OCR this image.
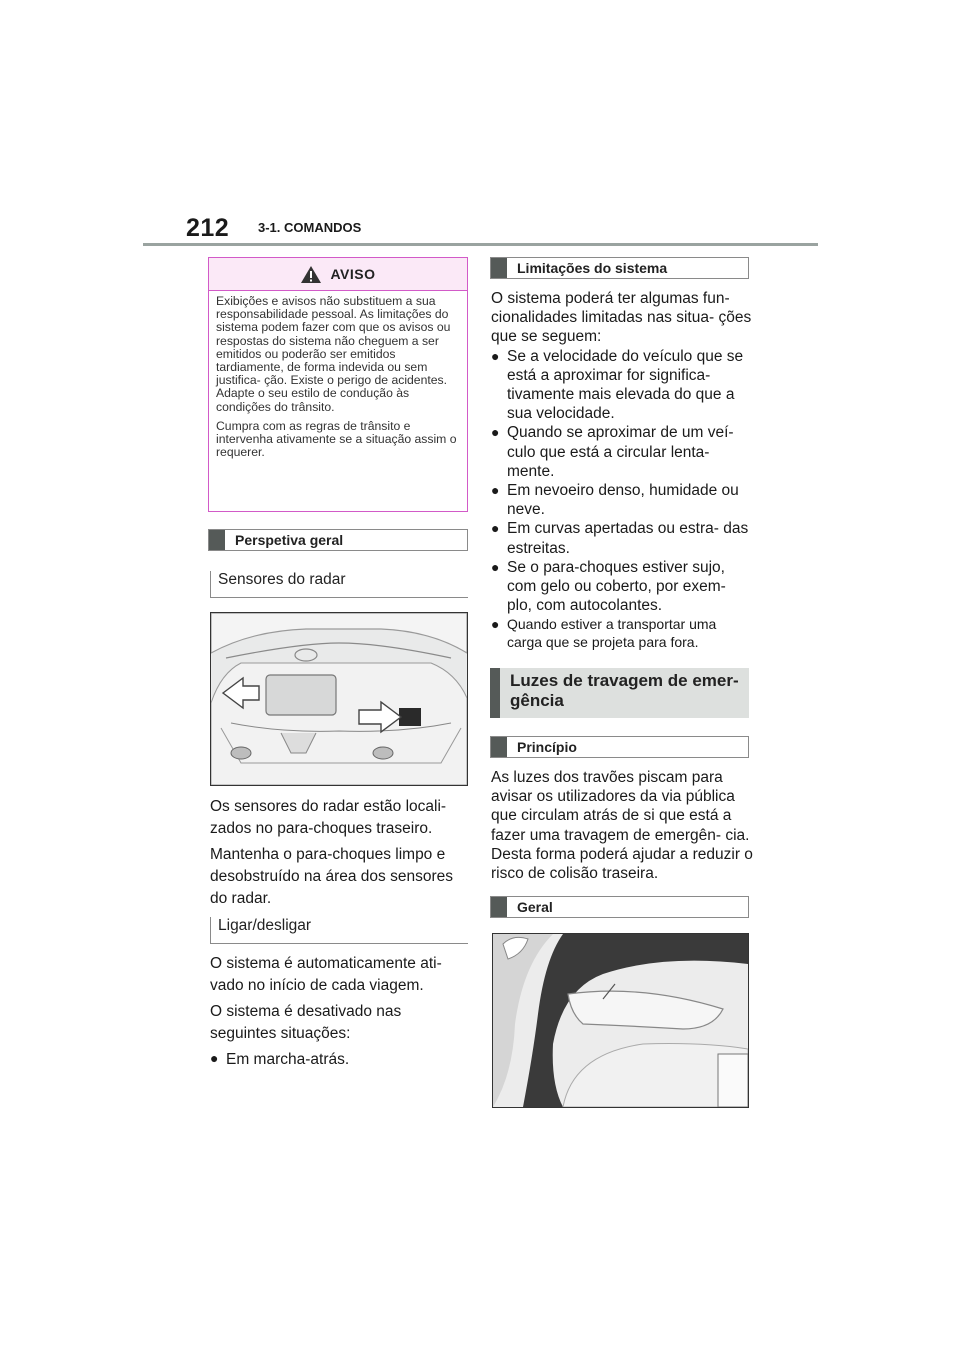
212 3-1. COMANDOS
AVISO

Exibições e avisos não substituem a sua responsabilidade pessoal. As limitações do sistema podem fazer com que os avisos ou respostas do sistema não cheguem a ser emitidos ou poderão ser emitidos tardiamente, de forma indevida ou sem justifica- ção. Existe o perigo de acidentes. Adapte o seu estilo de condução às condições do trânsito.

Cumpra com as regras de trânsito e intervenha ativamente se a situação assim o requerer.

Perspetiva geral
Sensores do radar

Os sensores do radar estão locali- zados no para-choques traseiro.

Mantenha o para-choques limpo e desobstruído na área dos sensores do radar.

Ligar/desligar

O sistema é automaticamente ati- vado no início de cada viagem.

O sistema é desativado nas seguintes situações:

● Em marcha-atrás.
Limitações do sistema

O sistema poderá ter algumas fun- cionalidades limitadas nas situa- ções que se seguem:

● Se a velocidade do veículo que se está a aproximar for significa- tivamente mais elevada do que a sua velocidade.
● Quando se aproximar de um veí- culo que está a circular lenta- mente.
● Em nevoeiro denso, humidade ou neve.
● Em curvas apertadas ou estra- das estreitas.
● Se o para-choques estiver sujo, com gelo ou coberto, por exem- plo, com autocolantes.
● Quando estiver a transportar uma carga que se projeta para fora.
Luzes de travagem de emer- gência
Princípio

As luzes dos travões piscam para avisar os utilizadores da via pública que circulam atrás de si que está a fazer uma travagem de emergên- cia. Desta forma poderá ajudar a reduzir o risco de colisão traseira.

Geral
